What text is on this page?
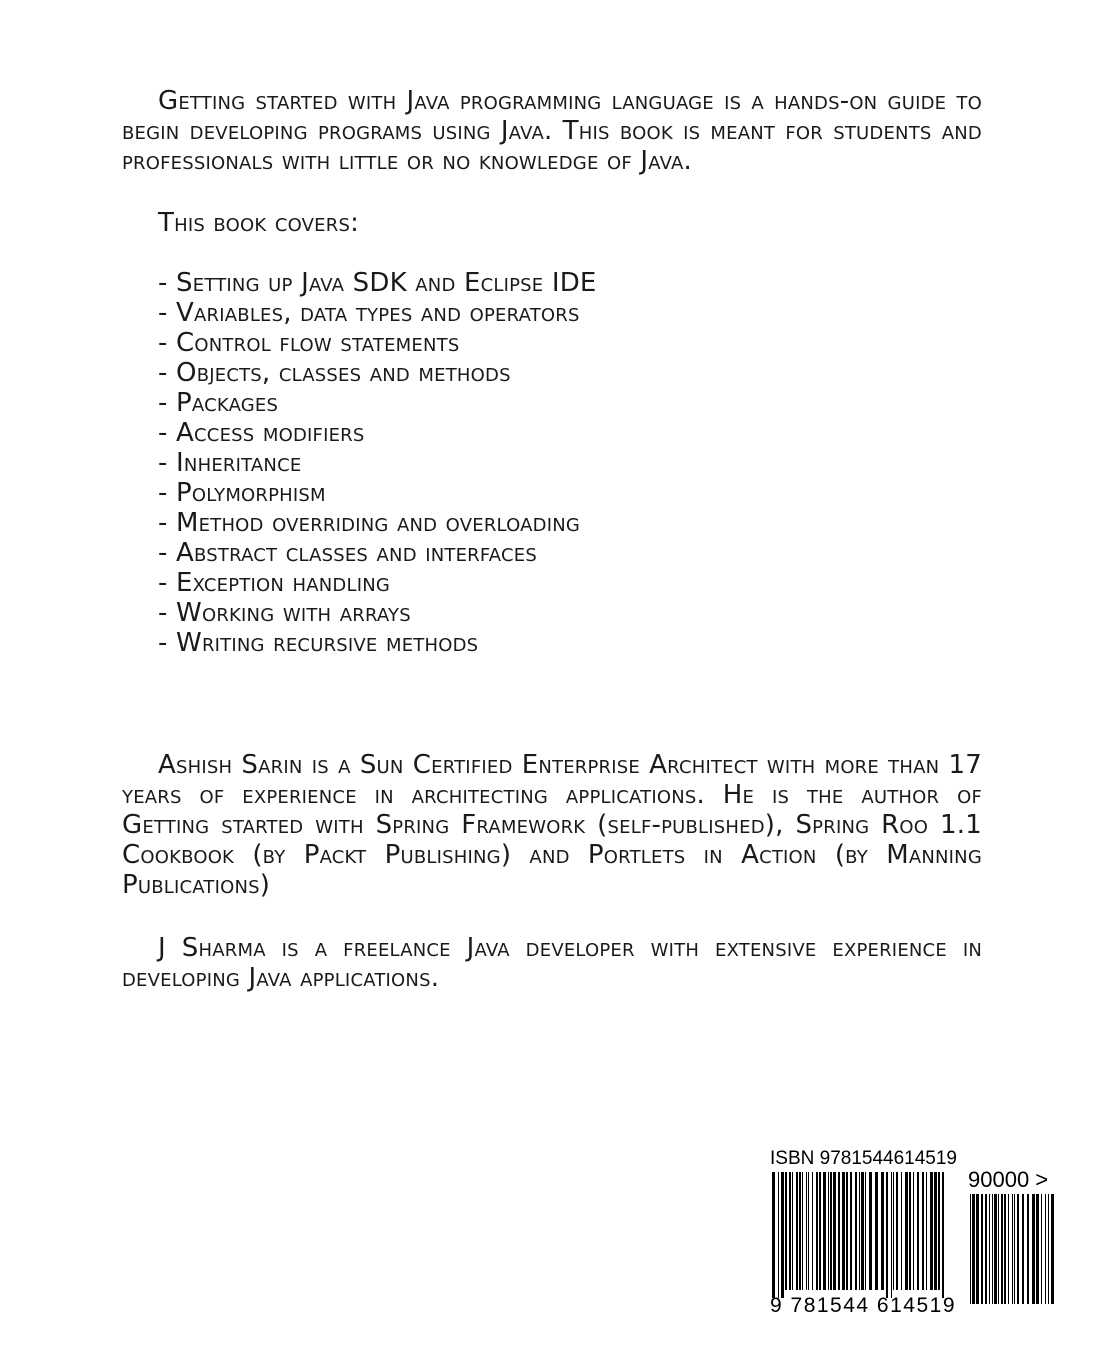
Getting started with Java programming language is a hands-on guide to begin developing programs using Java. This book is meant for students and professionals with little or no knowledge of Java.

This book covers:

- Setting up Java SDK and Eclipse IDE
- Variables, data types and operators
- Control flow statements
- Objects, classes and methods
- Packages
- Access modifiers
- Inheritance
- Polymorphism
- Method overriding and overloading
- Abstract classes and interfaces
- Exception handling
- Working with arrays
- Writing recursive methods

Ashish Sarin is a Sun Certified Enterprise Architect with more than 17 years of experience in architecting applications. He is the author of Getting started with Spring Framework (self-published), Spring Roo 1.1 Cookbook (by Packt Publishing) and Portlets in Action (by Manning Publications)

J Sharma is a freelance Java developer with extensive experience in developing Java applications.

ISBN 9781544614519

90000 >

9 781544 614519
